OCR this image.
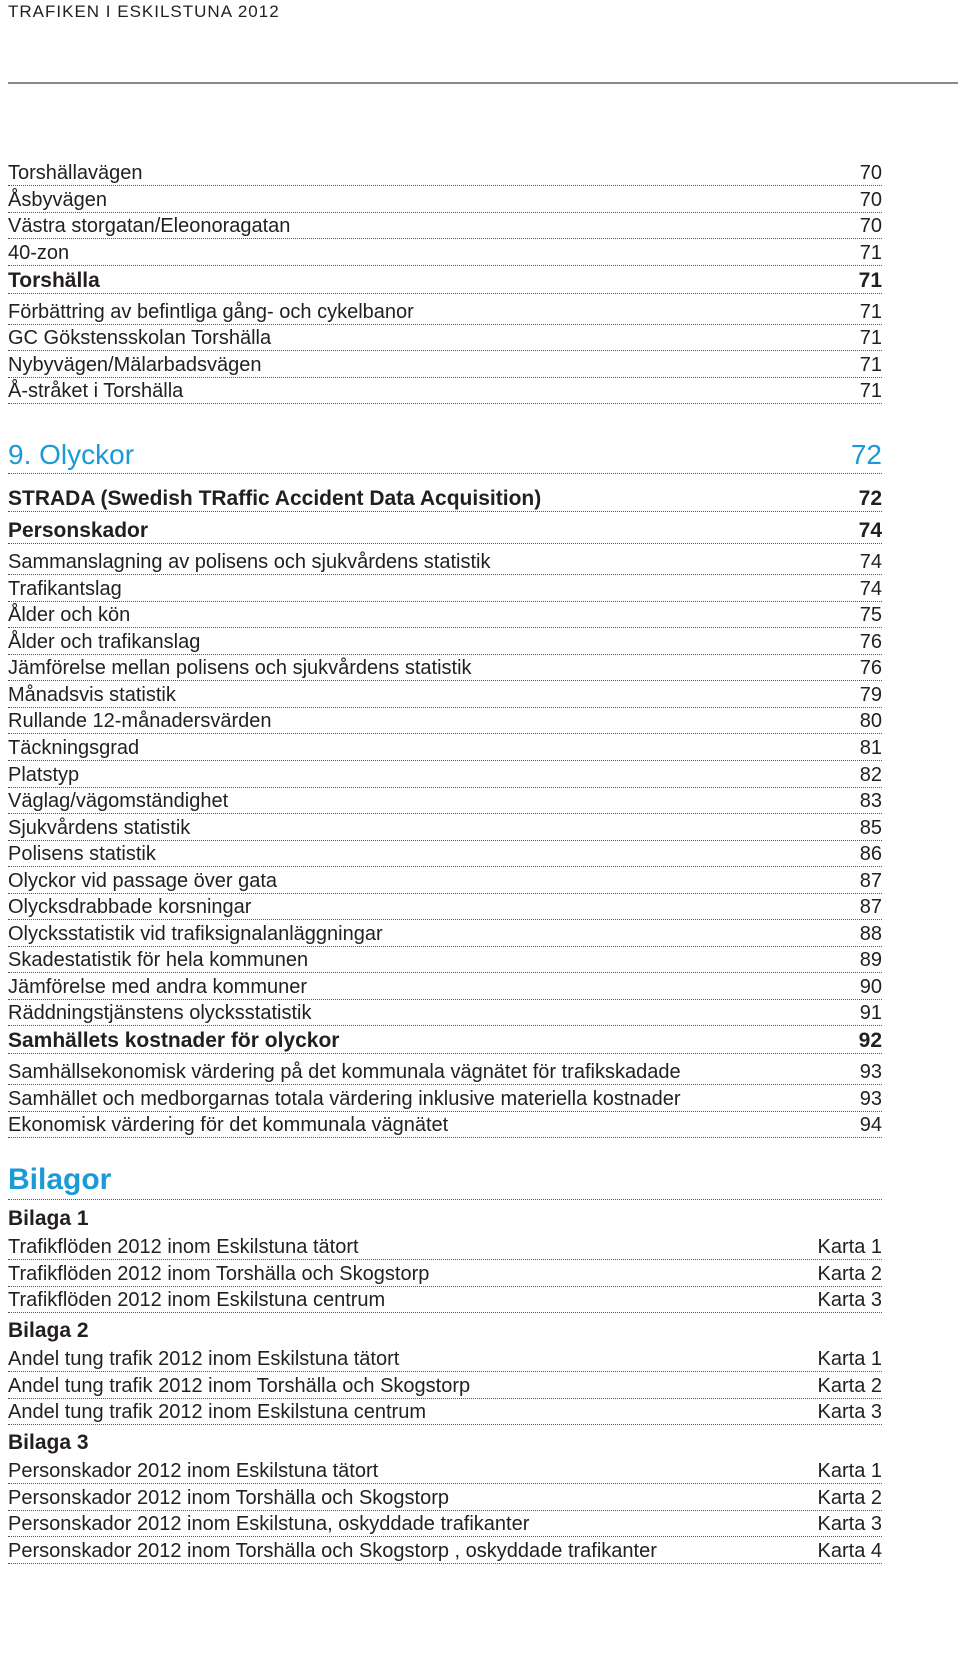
TRAFIKEN I ESKILSTUNA 2012
Torshällavägen	70
Åsbyvägen	70
Västra storgatan/Eleonoragatan	70
40-zon	71
Torshälla	71
Förbättring av befintliga gång- och cykelbanor	71
GC Gökstensskolan Torshälla	71
Nybyvägen/Mälarbadsvägen	71
Å-stråket i Torshälla	71
9. Olyckor	72
STRADA (Swedish TRaffic Accident Data Acquisition)	72
Personskador	74
Sammanslagning av polisens och sjukvårdens statistik	74
Trafikantslag	74
Ålder och kön	75
Ålder och trafikanslag	76
Jämförelse mellan polisens och sjukvårdens statistik	76
Månadsvis statistik	79
Rullande 12-månadersvärden	80
Täckningsgrad	81
Platstyp	82
Väglag/vägomständighet	83
Sjukvårdens statistik	85
Polisens statistik	86
Olyckor vid passage över gata	87
Olycksdrabbade korsningar	87
Olycksstatistik vid trafiksignalanläggningar	88
Skadestatistik för hela kommunen	89
Jämförelse med andra kommuner	90
Räddningstjänstens olycksstatistik	91
Samhällets kostnader för olyckor	92
Samhällsekonomisk värdering på det kommunala vägnätet för trafikskadade	93
Samhället och medborgarnas totala värdering inklusive materiella kostnader	93
Ekonomisk värdering för det kommunala vägnätet	94
Bilagor
Bilaga 1
Trafikflöden 2012 inom Eskilstuna tätort	Karta 1
Trafikflöden 2012 inom Torshälla och Skogstorp	Karta 2
Trafikflöden 2012 inom Eskilstuna centrum	Karta 3
Bilaga 2
Andel tung trafik 2012 inom Eskilstuna tätort	Karta 1
Andel tung trafik 2012 inom Torshälla och Skogstorp	Karta 2
Andel tung trafik 2012 inom Eskilstuna centrum	Karta 3
Bilaga 3
Personskador 2012 inom Eskilstuna tätort	Karta 1
Personskador 2012 inom Torshälla och Skogstorp	Karta 2
Personskador 2012 inom Eskilstuna, oskyddade trafikanter	Karta 3
Personskador 2012 inom Torshälla och Skogstorp , oskyddade trafikanter	Karta 4
